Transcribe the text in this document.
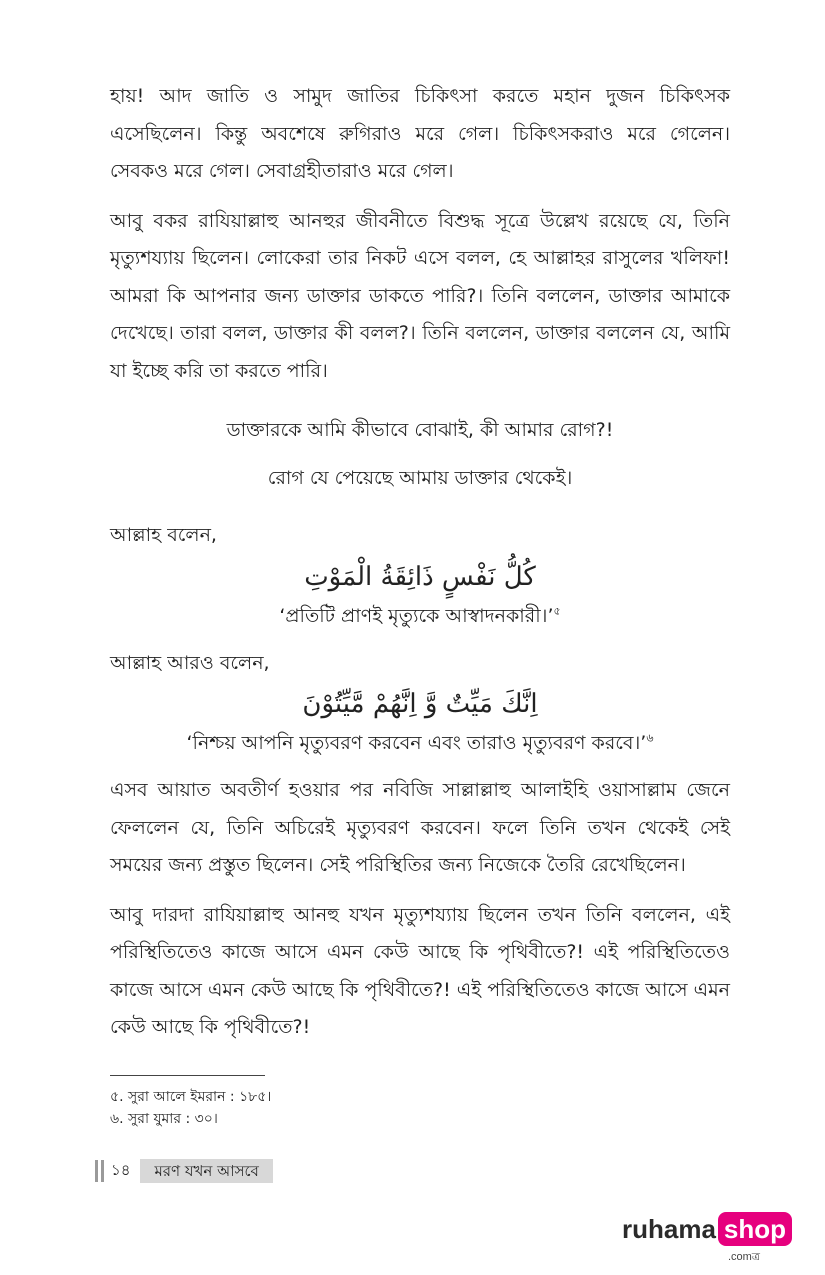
হায়! আদ জাতি ও সামুদ জাতির চিকিৎসা করতে মহান দুজন চিকিৎসক এসেছিলেন। কিন্তু অবশেষে রুগিরাও মরে গেল। চিকিৎসকরাও মরে গেলেন। সেবকও মরে গেল। সেবাগ্রহীতারাও মরে গেল।

আবু বকর রাযিয়াল্লাহু আনহুর জীবনীতে বিশুদ্ধ সূত্রে উল্লেখ রয়েছে যে, তিনি মৃত্যুশয্যায় ছিলেন। লোকেরা তার নিকট এসে বলল, হে আল্লাহর রাসুলের খলিফা! আমরা কি আপনার জন্য ডাক্তার ডাকতে পারি?। তিনি বললেন, ডাক্তার আমাকে দেখেছে। তারা বলল, ডাক্তার কী বলল?। তিনি বললেন, ডাক্তার বললেন যে, আমি যা ইচ্ছে করি তা করতে পারি।

ডাক্তারকে আমি কীভাবে বোঝাই, কী আমার রোগ?!

রোগ যে পেয়েছে আমায় ডাক্তার থেকেই।

আল্লাহ বলেন,

كُلُّ نَفْسٍ ذَائِقَةُ الْمَوْتِ

‘প্রতিটি প্রাণই মৃত্যুকে আস্বাদনকারী।’$^৫$

আল্লাহ আরও বলেন,

اِنَّكَ مَيِّتٌ وَّ اِنَّهُمْ مَّيِّتُوْنَ

‘নিশ্চয় আপনি মৃত্যুবরণ করবেন এবং তারাও মৃত্যুবরণ করবে।’$^৬$

এসব আয়াত অবতীর্ণ হওয়ার পর নবিজি সাল্লাল্লাহু আলাইহি ওয়াসাল্লাম জেনে ফেললেন যে, তিনি অচিরেই মৃত্যুবরণ করবেন। ফলে তিনি তখন থেকেই সেই সময়ের জন্য প্রস্তুত ছিলেন। সেই পরিস্থিতির জন্য নিজেকে তৈরি রেখেছিলেন।

আবু দারদা রাযিয়াল্লাহু আনহু যখন মৃত্যুশয্যায় ছিলেন তখন তিনি বললেন, এই পরিস্থিতিতেও কাজে আসে এমন কেউ আছে কি পৃথিবীতে?! এই পরিস্থিতিতেও কাজে আসে এমন কেউ আছে কি পৃথিবীতে?! এই পরিস্থিতিতেও কাজে আসে এমন কেউ আছে কি পৃথিবীতে?!

৫. সুরা আলে ইমরান : ১৮৫।

৬. সুরা যুমার : ৩০।

১৪	মরণ যখন আসবে
ruhama shop
.comত্র
